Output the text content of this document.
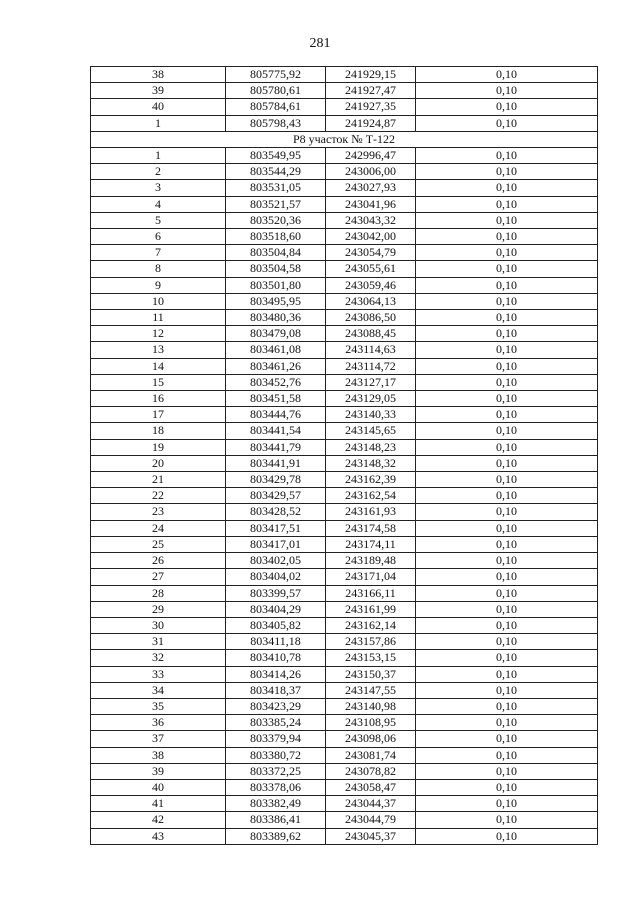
281
38	805775,92	241929,15	0,10
39	805780,61	241927,47	0,10
40	805784,61	241927,35	0,10
1	805798,43	241924,87	0,10
Р8 участок № Т-122			
1	803549,95	242996,47	0,10
2	803544,29	243006,00	0,10
3	803531,05	243027,93	0,10
4	803521,57	243041,96	0,10
5	803520,36	243043,32	0,10
6	803518,60	243042,00	0,10
7	803504,84	243054,79	0,10
8	803504,58	243055,61	0,10
9	803501,80	243059,46	0,10
10	803495,95	243064,13	0,10
11	803480,36	243086,50	0,10
12	803479,08	243088,45	0,10
13	803461,08	243114,63	0,10
14	803461,26	243114,72	0,10
15	803452,76	243127,17	0,10
16	803451,58	243129,05	0,10
17	803444,76	243140,33	0,10
18	803441,54	243145,65	0,10
19	803441,79	243148,23	0,10
20	803441,91	243148,32	0,10
21	803429,78	243162,39	0,10
22	803429,57	243162,54	0,10
23	803428,52	243161,93	0,10
24	803417,51	243174,58	0,10
25	803417,01	243174,11	0,10
26	803402,05	243189,48	0,10
27	803404,02	243171,04	0,10
28	803399,57	243166,11	0,10
29	803404,29	243161,99	0,10
30	803405,82	243162,14	0,10
31	803411,18	243157,86	0,10
32	803410,78	243153,15	0,10
33	803414,26	243150,37	0,10
34	803418,37	243147,55	0,10
35	803423,29	243140,98	0,10
36	803385,24	243108,95	0,10
37	803379,94	243098,06	0,10
38	803380,72	243081,74	0,10
39	803372,25	243078,82	0,10
40	803378,06	243058,47	0,10
41	803382,49	243044,37	0,10
42	803386,41	243044,79	0,10
43	803389,62	243045,37	0,10
